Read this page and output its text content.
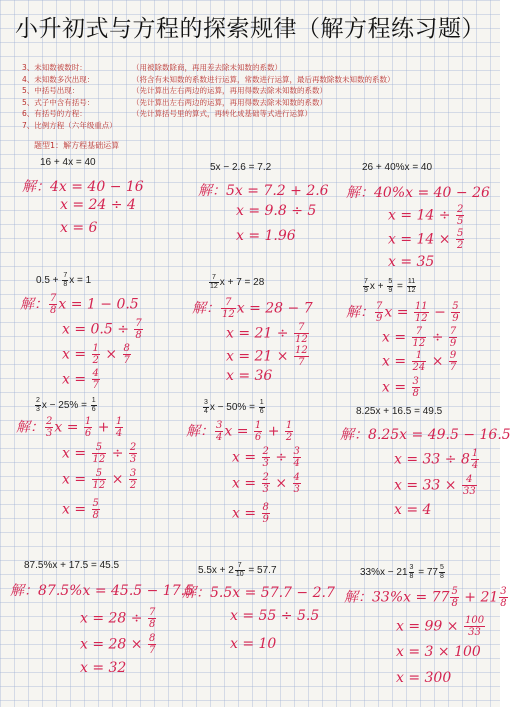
小升初式与方程的探索规律（解方程练习题）
3、未知数被数时：	（用被除数除商，再用差去除未知数的系数）
4、未知数多次出现：	（将含有未知数的系数进行运算，常数进行运算，最后再数除数未知数的系数）
5、中括号出现：	（先计算出左右两边的运算，再用得数去除未知数的系数）
5、式子中含有括号：	（先计算出左右两边的运算，再用得数去除未知数的系数）
6、有括号的方程：	（先计算括号里的算式，再转化成基础等式进行运算）
7、比例方程（六年级重点）
题型1：解方程基础运算
16 + 4x = 40
解：4x = 40 − 16
x = 24 ÷ 4
x = 6
5x − 2.6 = 7.2
解：5x = 7.2 + 2.6
x = 9.8 ÷ 5
x = 1.96
26 + 40%x = 40
解：40%x = 40 − 26
$x = 14 \div \frac{2}{5}$
$x = 14 \times \frac{5}{2}$
x = 35
$0.5 + \frac{7}{8}$ x = 1
解： $\frac{7}{8}$ x = 1 − 0.5
$x = 0.5 \div \frac{7}{8}$
$x = \frac{1}{2} \times \frac{8}{7}$
$x = \frac{4}{7}$
$\frac{7}{12}$ x + 7 = 28
解： $\frac{7}{12}$ x = 28 − 7
$x = 21 \div \frac{7}{12}$
$x = 21 \times \frac{12}{7}$
x = 36
$\frac{7}{9}$ $x + \frac{5}{9} = \frac{11}{12}$
解： $\frac{7}{9}$ $x = \frac{11}{12} - \frac{5}{9}$
$x = \frac{7}{12} \div \frac{7}{9}$
$x = \frac{1}{24} \times \frac{9}{7}$
$x = \frac{3}{8}$
$\frac{2}{3}$ $x - 25\% = \frac{1}{6}$
解： $\frac{2}{3}$ $x = \frac{1}{6} + \frac{1}{4}$
$x = \frac{5}{12} \div \frac{2}{3}$
$x = \frac{5}{12} \times \frac{3}{2}$
$x = \frac{5}{8}$
$\frac{3}{4}$ $x - 50\% = \frac{1}{6}$
解： $\frac{3}{4}$ $x = \frac{1}{6} + \frac{1}{2}$
$x = \frac{2}{3} \div \frac{3}{4}$
$x = \frac{2}{3} \times \frac{4}{3}$
$x = \frac{8}{9}$
8.25x + 16.5 = 49.5
解：8.25x = 49.5 − 16.5
$x = 33 \div 8 \frac{1}{4}$
$x = 33 \times \frac{4}{33}$
x = 4
87.5%x + 17.5 = 45.5
解：87.5%x = 45.5 − 17.5
$x = 28 \div \frac{7}{8}$
$x = 28 \times \frac{8}{7}$
x = 32
$5.5x + 2 \frac{7}{10} = 57.7$
解：5.5x = 57.7 − 2.7
x = 55 ÷ 5.5
x = 10
$33\%x - 21 \frac{3}{8} = 77 \frac{5}{8}$
解：$33\%x = 77 \frac{5}{8} + 21 \frac{3}{8}$
$x = 99 \times \frac{100}{33}$
x = 3 × 100
x = 300
